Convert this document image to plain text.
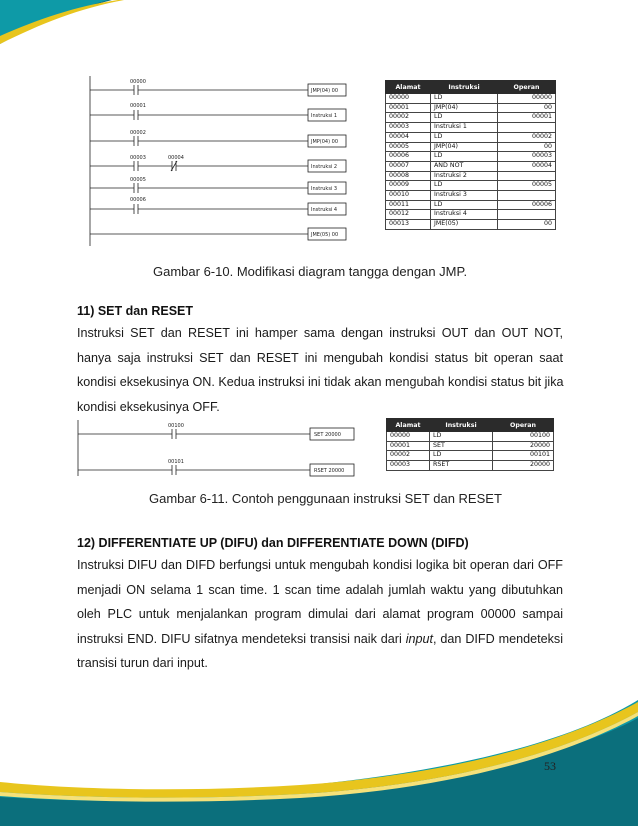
00000
JMP(04) 00
00001
Instruksi 1
00002
JMP(04) 00
00003	00004
Instruksi 2
00005
Instruksi 3
00006
Instruksi 4
JME(05) 00
Alamat	Instruksi	Operan
00000	LD	00000
00001	JMP(04)	00
00002	LD	00001
00003	Instruksi 1	
00004	LD	00002
00005	JMP(04)	00
00006	LD	00003
00007	AND NOT	00004
00008	Instruksi 2	
00009	LD	00005
00010	Instruksi 3	
00011	LD	00006
00012	Instruksi 4	
00013	JME(05)	00
Gambar 6-10. Modifikasi diagram tangga dengan JMP.
11) SET dan RESET
Instruksi SET dan RESET ini hamper sama dengan instruksi OUT dan OUT NOT,
hanya saja instruksi SET dan RESET ini mengubah kondisi status bit operan saat
kondisi eksekusinya ON. Kedua instruksi ini tidak akan mengubah kondisi status bit jika
kondisi eksekusinya OFF.
00100
SET 20000
00101
RSET 20000
Alamat	Instruksi	Operan
00000	LD	00100
00001	SET	20000
00002	LD	00101
00003	RSET	20000
Gambar 6-11. Contoh penggunaan instruksi SET dan RESET
12) DIFFERENTIATE UP (DIFU) dan DIFFERENTIATE DOWN (DIFD)
Instruksi DIFU dan DIFD berfungsi untuk mengubah kondisi logika bit operan dari OFF
menjadi ON selama 1 scan time. 1 scan time adalah jumlah waktu yang dibutuhkan
oleh PLC untuk menjalankan program dimulai dari alamat program 00000 sampai
instruksi END. DIFU sifatnya mendeteksi transisi naik dari input, dan DIFD mendeteksi
transisi turun dari input.
53
